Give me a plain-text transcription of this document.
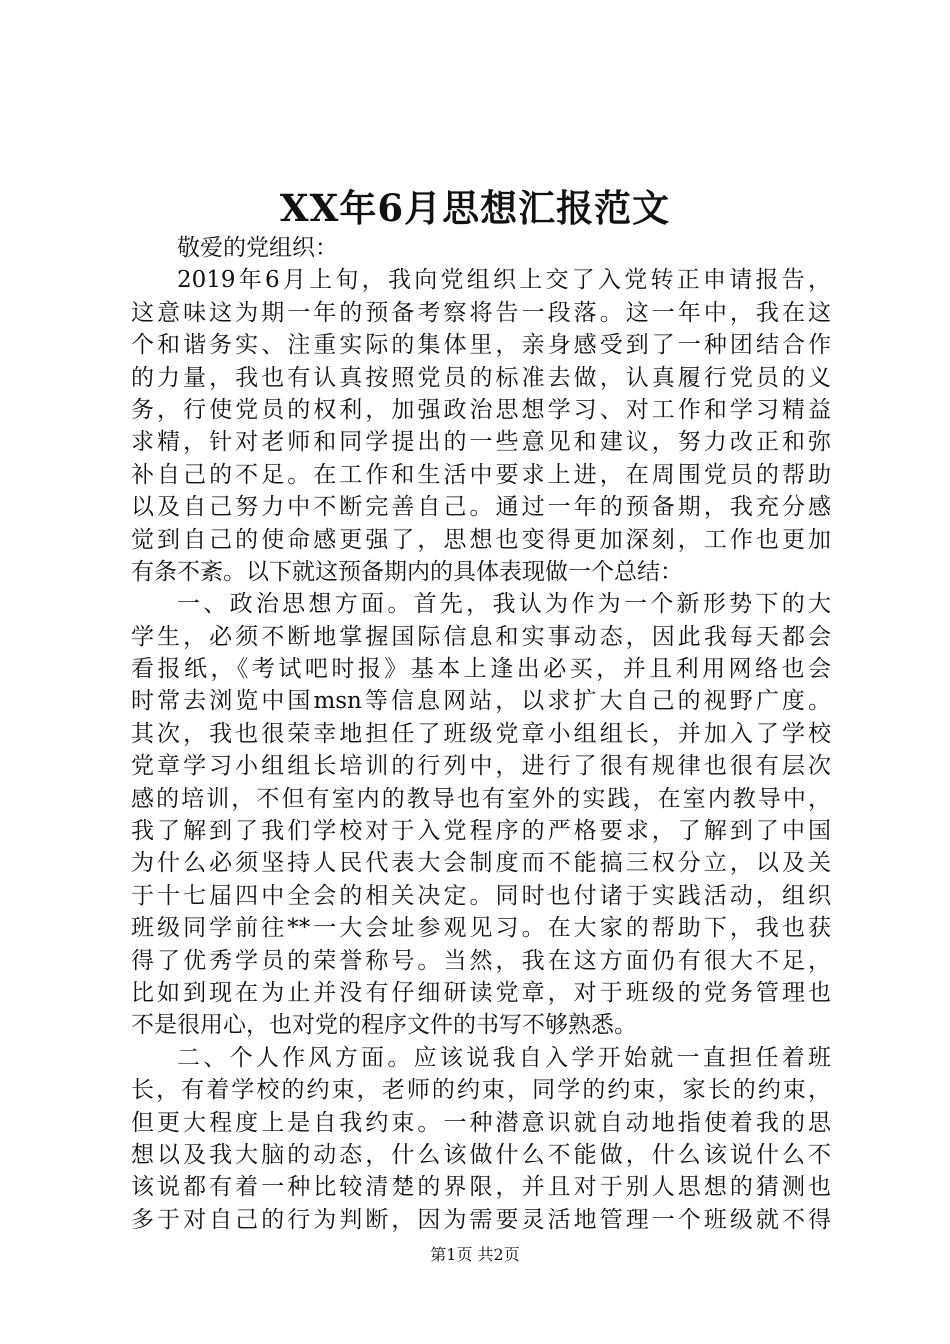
XX年6月思想汇报范文
敬爱的党组织：
2019年6月上旬，我向党组织上交了入党转正申请报告，
这意味这为期一年的预备考察将告一段落。这一年中，我在这
个和谐务实、注重实际的集体里，亲身感受到了一种团结合作
的力量，我也有认真按照党员的标准去做，认真履行党员的义
务，行使党员的权利，加强政治思想学习、对工作和学习精益
求精，针对老师和同学提出的一些意见和建议，努力改正和弥
补自己的不足。在工作和生活中要求上进，在周围党员的帮助
以及自己努力中不断完善自己。通过一年的预备期，我充分感
觉到自己的使命感更强了，思想也变得更加深刻，工作也更加
有条不紊。以下就这预备期内的具体表现做一个总结：
一、政治思想方面。首先，我认为作为一个新形势下的大
学生，必须不断地掌握国际信息和实事动态，因此我每天都会
看报纸，《考试吧时报》基本上逢出必买，并且利用网络也会
时常去浏览中国msn等信息网站，以求扩大自己的视野广度。
其次，我也很荣幸地担任了班级党章小组组长，并加入了学校
党章学习小组组长培训的行列中，进行了很有规律也很有层次
感的培训，不但有室内的教导也有室外的实践，在室内教导中，
我了解到了我们学校对于入党程序的严格要求，了解到了中国
为什么必须坚持人民代表大会制度而不能搞三权分立，以及关
于十七届四中全会的相关决定。同时也付诸于实践活动，组织
班级同学前往**一大会址参观见习。在大家的帮助下，我也获
得了优秀学员的荣誉称号。当然，我在这方面仍有很大不足，
比如到现在为止并没有仔细研读党章，对于班级的党务管理也
不是很用心，也对党的程序文件的书写不够熟悉。
二、个人作风方面。应该说我自入学开始就一直担任着班
长，有着学校的约束，老师的约束，同学的约束，家长的约束，
但更大程度上是自我约束。一种潜意识就自动地指使着我的思
想以及我大脑的动态，什么该做什么不能做，什么该说什么不
该说都有着一种比较清楚的界限，并且对于别人思想的猜测也
多于对自己的行为判断，因为需要灵活地管理一个班级就不得
第1页 共2页
